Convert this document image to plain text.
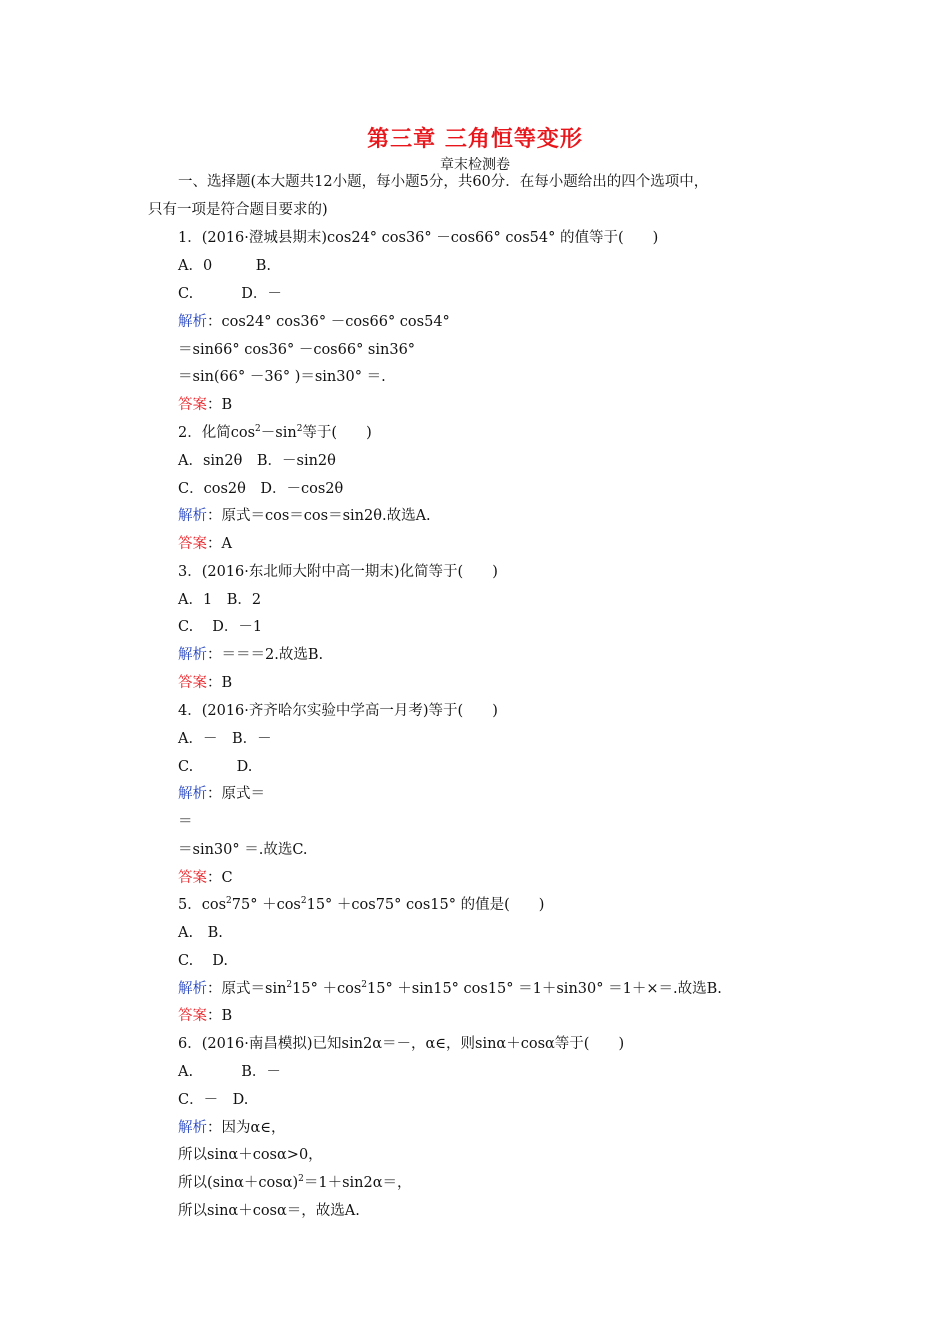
第三章 三角恒等变形
章末检测卷
一、选择题(本大题共12小题，每小题5分，共60分．在每小题给出的四个选项中，
只有一项是符合题目要求的)
1．(2016·澄城县期末)cos24° cos36° －cos66° cos54° 的值等于(　　)
A．0　　　B.
C.　　　 D．－
解析：cos24° cos36° －cos66° cos54°
＝sin66° cos36° －cos66° sin36°
＝sin(66° －36° )＝sin30° ＝.
答案：B
2．化简$\cos^2-\sin^2$等于(　　)
A．sin2θ　B．－sin2θ
C．cos2θ　D．－cos2θ
解析：原式＝cos＝cos＝sin2θ.故选A.
答案：A
3．(2016·东北师大附中高一期末)化简等于(　　)
A．1　B．2
C.　 D．－1
解析：＝＝＝2.故选B.
答案：B
4．(2016·齐齐哈尔实验中学高一月考)等于(　　)
A．－　B．－
C.　　　D.
解析：原式＝
＝
＝sin30° ＝.故选C.
答案：C
5．$\cos^275^\circ +\cos^215^\circ +\cos 75^\circ$ cos15° 的值是(　　)
A.　B.
C.　 D.
解析：原式$=\sin^215^\circ +\cos^215^\circ +\sin 15^\circ$ cos15° ＝1＋sin30° ＝1＋×＝.故选B.
答案：B
6．(2016·南昌模拟)已知sin2α＝－，α∈，则sinα＋cosα等于(　　)
A.　　　 B．－
C．－　D.
解析：因为α∈，
所以sinα＋cosα>0，
所以$(\sin\alpha+\cos\alpha)^2=1+\sin 2\alpha=$，
所以sinα＋cosα＝，故选A.
